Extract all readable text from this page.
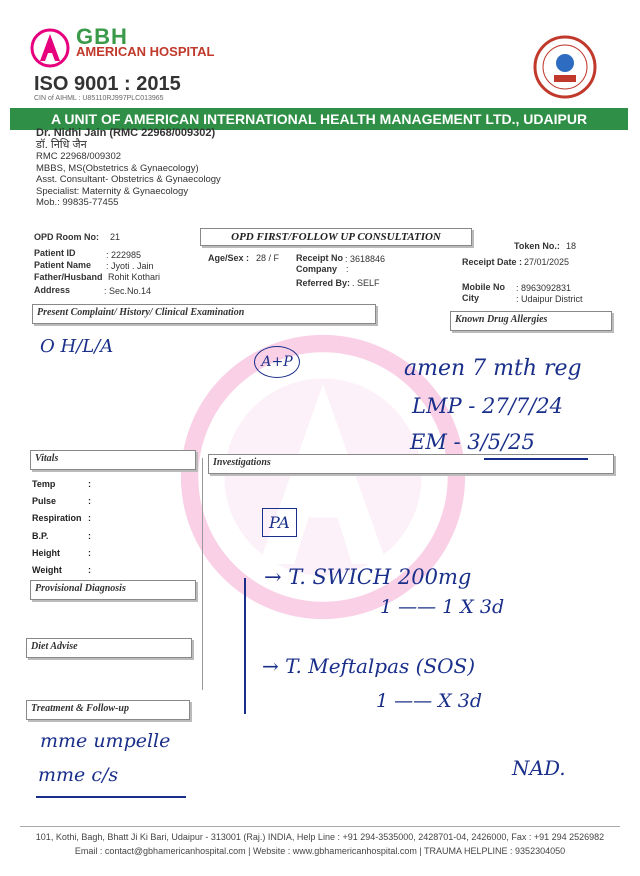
GBH
AMERICAN HOSPITAL
ISO 9001 : 2015
CIN of AIHML : U85110RJ997PLC013965
A UNIT OF AMERICAN INTERNATIONAL HEALTH MANAGEMENT LTD., UDAIPUR
Dr. Nidhi Jain (RMC 22968/009302)
डॉ. निधि जैन
RMC 22968/009302
MBBS, MS(Obstetrics & Gynaecology)
Asst. Consultant- Obstetrics & Gynaecology
Specialist: Maternity & Gynaecology
Mob.: 99835-77455
OPD Room No: 21	OPD FIRST/FOLLOW UP CONSULTATION
Token No.: 18
Patient ID	: 222985
Patient Name : Jyoti . Jain
Father/Husband Rohit Kothari
Address	: Sec.No.14
Age/Sex : 28 / F Receipt No : 3618846
Company :
Referred By: . SELF
Receipt Date : 27/01/2025
Mobile No : 8963092831
City	: Udaipur District
Present Complaint/ History/ Clinical Examination
Known Drug Allergies
Vitals	Investigations
Provisional Diagnosis
Diet Advise
Treatment & Follow-up
Temp	:
Pulse	:
Respiration :
B.P.	:
Height	:
Weight	:
O H/L/A
A+P	amen 7 mth reg
LMP - 27/7/24
EM - 3/5/25
PA
→ T. SWICH 200mg
1 —— 1 X 3d
→ T. Meftalpas (SOS)
1 —— X 3d
mme umpelle
mme c/s	NAD.
101, Kothi, Bagh, Bhatt Ji Ki Bari, Udaipur - 313001 (Raj.) INDIA, Help Line : +91 294-3535000, 2428701-04, 2426000, Fax : +91 294 2526982
Email : contact@gbhamericanhospital.com | Website : www.gbhamericanhospital.com | TRAUMA HELPLINE : 9352304050
